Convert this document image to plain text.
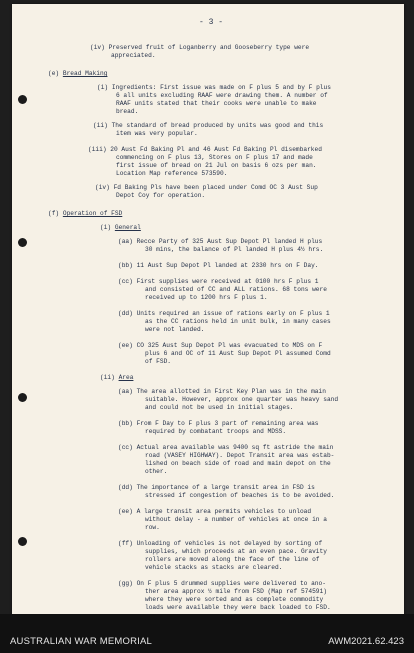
- 3 -
(iv) Preserved fruit of Loganberry and Gooseberry type were
appreciated.
(e) Bread Making
(i) Ingredients: First issue was made on F plus 5 and by F plus
6 all units excluding RAAF were drawing them. A number of
RAAF units stated that their cooks were unable to make
bread.
(ii) The standard of bread produced by units was good and this
item was very popular.
(iii) 20 Aust Fd Baking Pl and 46 Aust Fd Baking Pl disembarked
commencing on F plus 13, Stores on F plus 17 and made
first issue of bread on 21 Jul on basis 6 ozs per man.
Location Map reference 573590.
(iv) Fd Baking Pls have been placed under Comd OC 3 Aust Sup
Depot Coy for operation.
(f) Operation of FSD
(i) General
(aa) Recce Party of 325 Aust Sup Depot Pl landed H plus
30 mins, the balance of Pl landed H plus 4½ hrs.
(bb) 11 Aust Sup Depot Pl landed at 2330 hrs on F Day.
(cc) First supplies were received at 0100 hrs F plus 1
and consisted of CC and ALL rations. 68 tons were
received up to 1200 hrs F plus 1.
(dd) Units required an issue of rations early on F plus 1
as the CC rations held in unit bulk, in many cases
were not landed.
(ee) CO 325 Aust Sup Depot Pl was evacuated to MDS on F
plus 6 and OC of 11 Aust Sup Depot Pl assumed Comd
of FSD.
(ii) Area
(aa) The area allotted in First Key Plan was in the main
suitable. However, approx one quarter was heavy sand
and could not be used in initial stages.
(bb) From F Day to F plus 3 part of remaining area was
required by combatant troops and MDSS.
(cc) Actual area available was 9400 sq ft astride the main
road (VASEY HIGHWAY). Depot Transit area was estab-
lished on beach side of road and main depot on the
other.
(dd) The importance of a large transit area in FSD is
stressed if congestion of beaches is to be avoided.
(ee) A large transit area permits vehicles to unload
without delay - a number of vehicles at once in a
row.
(ff) Unloading of vehicles is not delayed by sorting of
supplies, which proceeds at an even pace. Gravity
rollers are moved along the face of the line of
vehicle stacks as stacks are cleared.
(gg) On F plus 5 drummed supplies were delivered to ano-
ther area approx ½ mile from FSD (Map ref 574591)
where they were sorted and as complete commodity
loads were available they were back loaded to FSD.
AUSTRALIAN WAR MEMORIAL	AWM2021.62.423
